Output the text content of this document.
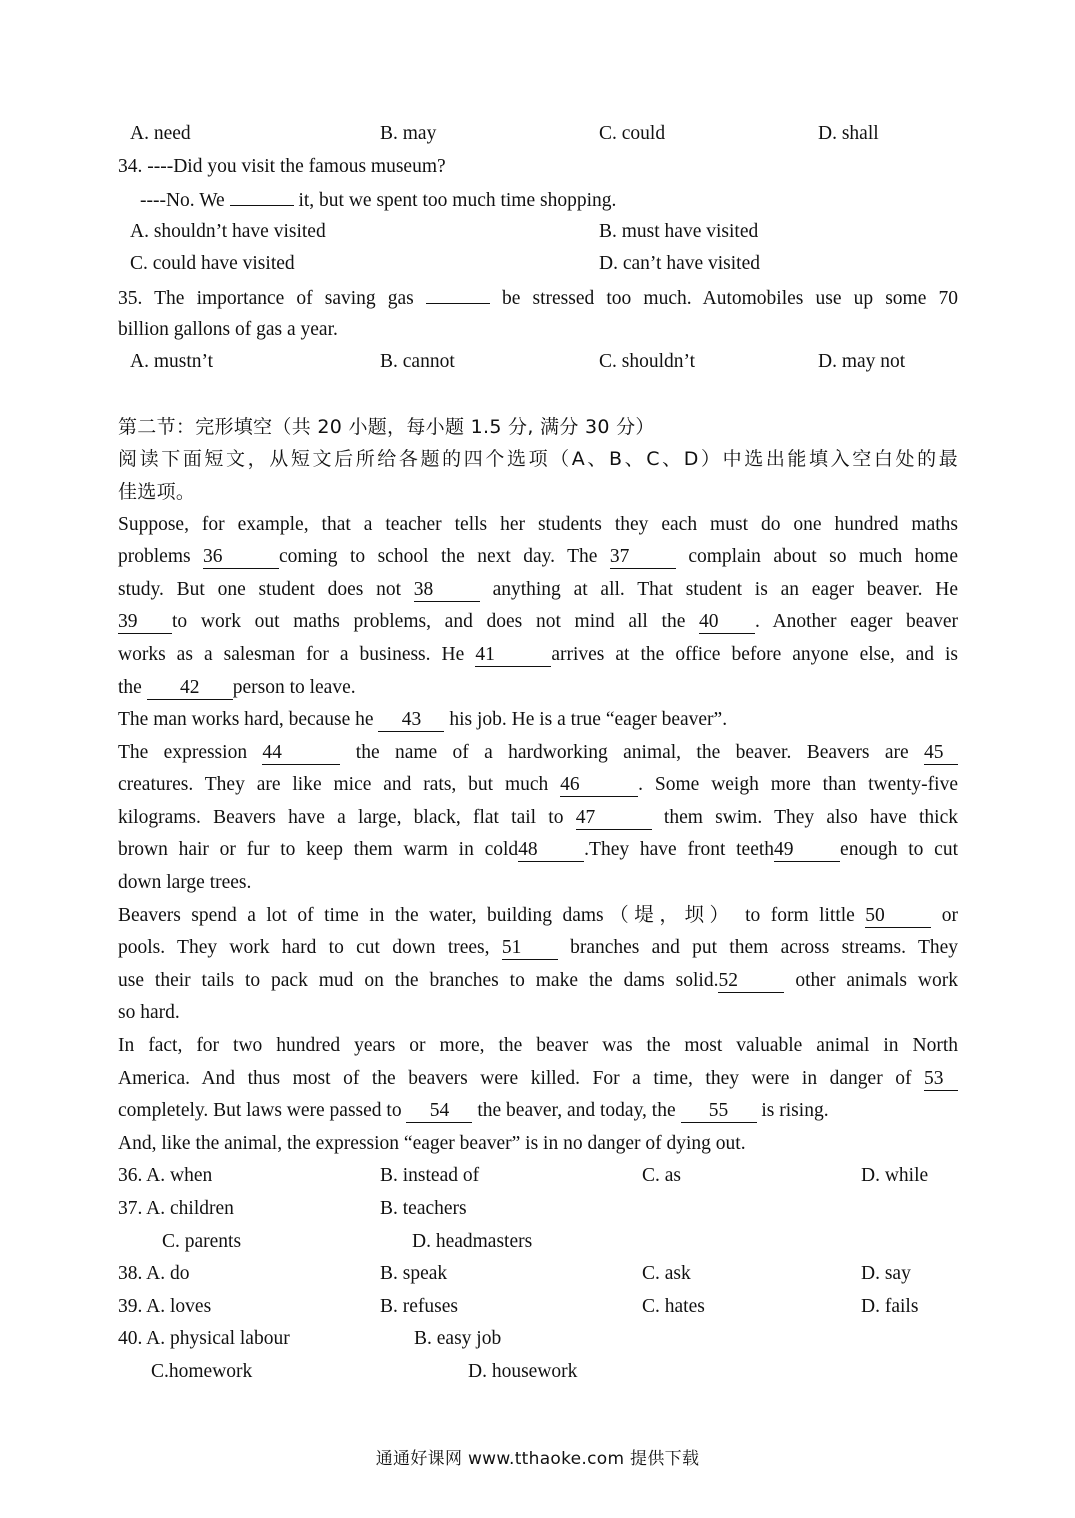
A. need	B. may	C. could	D. shall
34. ----Did you visit the famous museum?
----No. We	it, but we spent too much time shopping.
A. shouldn’t have visited	B. must have visited
C. could have visited	D. can’t have visited
35. The importance of saving gas	be stressed too much. Automobiles use up some 70
billion gallons of gas a year.
A. mustn’t	B. cannot	C. shouldn’t	D. may not
第二节：完形填空（共 20 小题，每小题 1.5 分, 满分 30 分）
阅读下面短文，从短文后所给各题的四个选项（A、B、C、D）中选出能填入空白处的最
佳选项。
Suppose, for example, that a teacher tells her students they each must do one hundred maths
problems 36	coming to school the next day. The 37 complain about so much home
study. But one student does not 38 anything at all. That student is an eager beaver. He
39 to work out maths problems, and does not mind all the 40 . Another eager beaver
works as a salesman for a business. He 41	arrives at the office before anyone else, and is
the 42 person to leave.
The man works hard, because he 43 his job. He is a true “eager beaver”.
The expression 44	the name of a hardworking animal, the beaver. Beavers are 45
creatures. They are like mice and rats, but much 46	. Some weigh more than twenty-five
kilograms. Beavers have a large, black, flat tail to 47	them swim. They also have thick
brown hair or fur to keep them warm in cold48 .They have front teeth49 enough to cut
down large trees.
Beavers spend a lot of time in the water, building dams（堤，坝） to form little 50 or
pools. They work hard to cut down trees, 51 branches and put them across streams. They
use their tails to pack mud on the branches to make the dams solid.52 other animals work
so hard.
In fact, for two hundred years or more, the beaver was the most valuable animal in North
America. And thus most of the beavers were killed. For a time, they were in danger of 53
completely. But laws were passed to 54 the beaver, and today, the 55 is rising.
And, like the animal, the expression “eager beaver” is in no danger of dying out.
36. A. when	B. instead of	C. as	D. while
37. A. children	B. teachers
C. parents	D. headmasters
38. A. do	B. speak	C. ask	D. say
39. A. loves	B. refuses	C. hates	D. fails
40. A. physical labour	B. easy job
C.homework	D. housework
通通好课网 www.tthaoke.com 提供下载
